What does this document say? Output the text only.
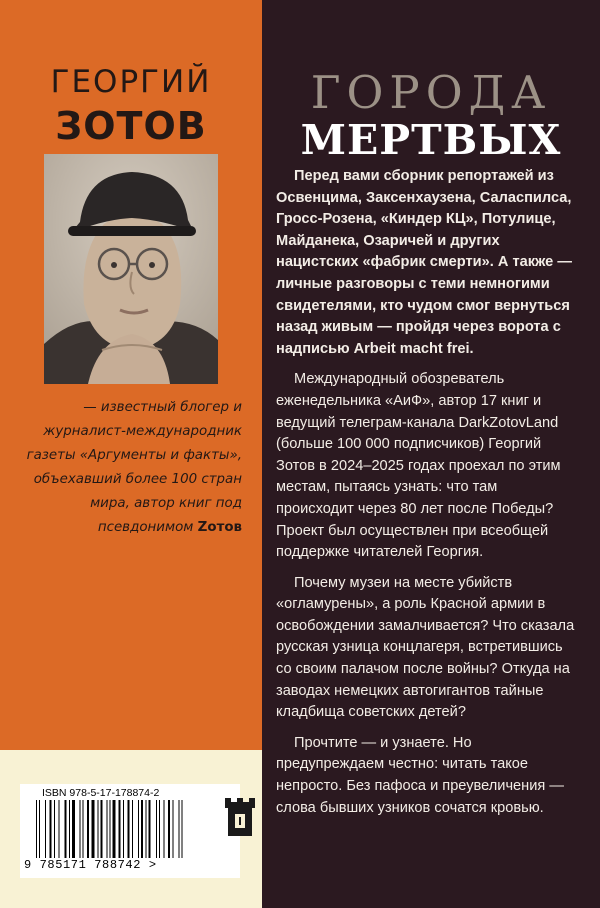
ГЕОРГИЙ
ЗОТОВ
— известный блогер и журналист-международник газеты «Аргументы и факты», объехавший более 100 стран мира, автор книг под псевдонимом Zотов
ISBN 978-5-17-178874-2
9 785171 788742 >
ГОРОДА
МЕРТВЫХ

Перед вами сборник репортажей из Освенцима, Заксенхаузена, Саласпилса, Гросс-Розена, «Киндер КЦ», Потулице, Майданека, Озаричей и других нацистских «фабрик смерти». А также — личные разговоры с теми немногими свидетелями, кто чудом смог вернуться назад живым — пройдя через ворота с надписью Arbeit macht frei.

Международный обозреватель еженедельника «АиФ», автор 17 книг и ведущий телеграм-канала DarkZotovLand (больше 100 000 подписчиков) Георгий Зотов в 2024–2025 годах проехал по этим местам, пытаясь узнать: что там происходит через 80 лет после Победы? Проект был осуществлен при всеобщей поддержке читателей Георгия.

Почему музеи на месте убийств «огламурены», а роль Красной армии в освобождении замалчивается? Что сказала русская узница концлагеря, встретившись со своим палачом после войны? Откуда на заводах немецких автогигантов тайные кладбища советских детей?

Прочтите — и узнаете. Но предупреждаем честно: читать такое непросто. Без пафоса и преувеличения — слова бывших узников сочатся кровью.
